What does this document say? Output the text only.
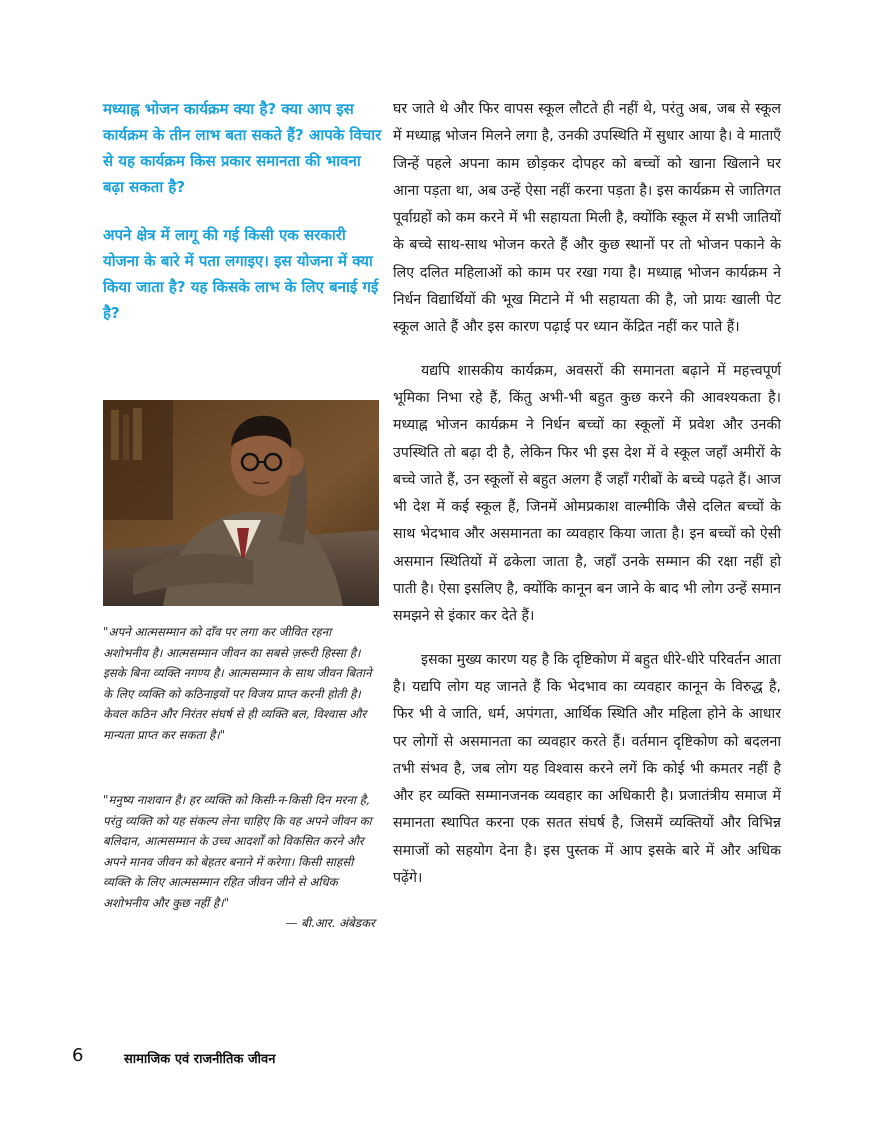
मध्याह्न भोजन कार्यक्रम क्या है? क्या आप इस कार्यक्रम के तीन लाभ बता सकते हैं? आपके विचार से यह कार्यक्रम किस प्रकार समानता की भावना बढ़ा सकता है?

अपने क्षेत्र में लागू की गई किसी एक सरकारी योजना के बारे में पता लगाइए। इस योजना में क्या किया जाता है? यह किसके लाभ के लिए बनाई गई है?

"अपने आत्मसम्मान को दाँव पर लगा कर जीवित रहना अशोभनीय है। आत्मसम्मान जीवन का सबसे ज़रूरी हिस्सा है। इसके बिना व्यक्ति नगण्य है। आत्मसम्मान के साथ जीवन बिताने के लिए व्यक्ति को कठिनाइयों पर विजय प्राप्त करनी होती है। केवल कठिन और निरंतर संघर्ष से ही व्यक्ति बल, विश्वास और मान्यता प्राप्त कर सकता है।"
"मनुष्य नाशवान है। हर व्यक्ति को किसी-न-किसी दिन मरना है, परंतु व्यक्ति को यह संकल्प लेना चाहिए कि वह अपने जीवन का बलिदान, आत्मसम्मान के उच्च आदर्शों को विकसित करने और अपने मानव जीवन को बेहतर बनाने में करेगा। किसी साहसी व्यक्ति के लिए आत्मसम्मान रहित जीवन जीने से अधिक अशोभनीय और कुछ नहीं है।"
— बी.आर. अंबेडकर

घर जाते थे और फिर वापस स्कूल लौटते ही नहीं थे, परंतु अब, जब से स्कूल में मध्याह्न भोजन मिलने लगा है, उनकी उपस्थिति में सुधार आया है। वे माताएँ जिन्हें पहले अपना काम छोड़कर दोपहर को बच्चों को खाना खिलाने घर आना पड़ता था, अब उन्हें ऐसा नहीं करना पड़ता है। इस कार्यक्रम से जातिगत पूर्वाग्रहों को कम करने में भी सहायता मिली है, क्योंकि स्कूल में सभी जातियों के बच्चे साथ-साथ भोजन करते हैं और कुछ स्थानों पर तो भोजन पकाने के लिए दलित महिलाओं को काम पर रखा गया है। मध्याह्न भोजन कार्यक्रम ने निर्धन विद्यार्थियों की भूख मिटाने में भी सहायता की है, जो प्रायः खाली पेट स्कूल आते हैं और इस कारण पढ़ाई पर ध्यान केंद्रित नहीं कर पाते हैं।

यद्यपि शासकीय कार्यक्रम, अवसरों की समानता बढ़ाने में महत्त्वपूर्ण भूमिका निभा रहे हैं, किंतु अभी-भी बहुत कुछ करने की आवश्यकता है। मध्याह्न भोजन कार्यक्रम ने निर्धन बच्चों का स्कूलों में प्रवेश और उनकी उपस्थिति तो बढ़ा दी है, लेकिन फिर भी इस देश में वे स्कूल जहाँ अमीरों के बच्चे जाते हैं, उन स्कूलों से बहुत अलग हैं जहाँ गरीबों के बच्चे पढ़ते हैं। आज भी देश में कई स्कूल हैं, जिनमें ओमप्रकाश वाल्मीकि जैसे दलित बच्चों के साथ भेदभाव और असमानता का व्यवहार किया जाता है। इन बच्चों को ऐसी असमान स्थितियों में ढकेला जाता है, जहाँ उनके सम्मान की रक्षा नहीं हो पाती है। ऐसा इसलिए है, क्योंकि कानून बन जाने के बाद भी लोग उन्हें समान समझने से इंकार कर देते हैं।

इसका मुख्य कारण यह है कि दृष्टिकोण में बहुत धीरे-धीरे परिवर्तन आता है। यद्यपि लोग यह जानते हैं कि भेदभाव का व्यवहार कानून के विरुद्ध है, फिर भी वे जाति, धर्म, अपंगता, आर्थिक स्थिति और महिला होने के आधार पर लोगों से असमानता का व्यवहार करते हैं। वर्तमान दृष्टिकोण को बदलना तभी संभव है, जब लोग यह विश्वास करने लगें कि कोई भी कमतर नहीं है और हर व्यक्ति सम्मानजनक व्यवहार का अधिकारी है। प्रजातंत्रीय समाज में समानता स्थापित करना एक सतत संघर्ष है, जिसमें व्यक्तियों और विभिन्न समाजों को सहयोग देना है। इस पुस्तक में आप इसके बारे में और अधिक पढ़ेंगे।

6	सामाजिक एवं राजनीतिक जीवन
